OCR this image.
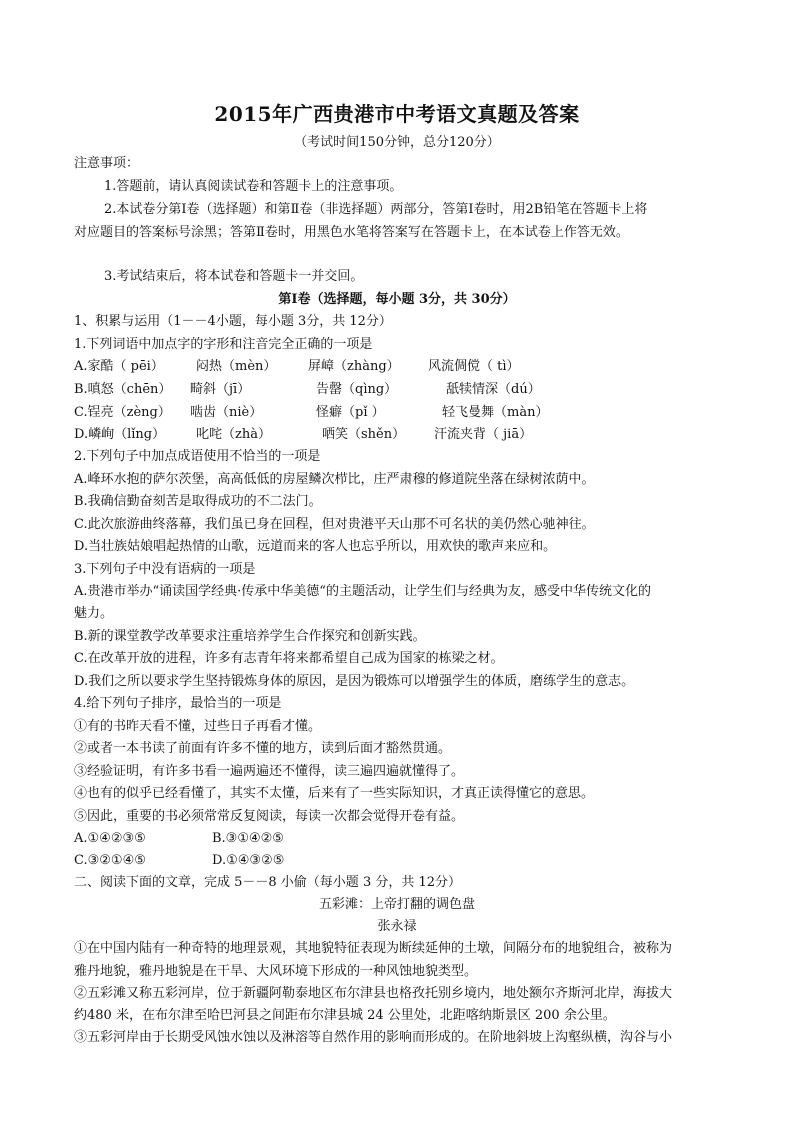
2015年广西贵港市中考语文真题及答案
（考试时间150分钟，总分120分）
注意事项：
1.答题前，请认真阅读试卷和答题卡上的注意事项。
2.本试卷分第Ⅰ卷（选择题）和第Ⅱ卷（非选择题）两部分，答第Ⅰ卷时，用2B铅笔在答题卡上将
对应题目的答案标号涂黑；答第Ⅱ卷时，用黑色水笔将答案写在答题卡上，在本试卷上作答无效。
3.考试结束后，将本试卷和答题卡一并交回。
第Ⅰ卷（选择题，每小题 3分，共 30分）
1、积累与运用（1－－4小题，每小题 3分，共 12分）
1.下列词语中加点字的字形和注音完全正确的一项是
A.家酷（ pēi） 闷热（mèn） 屏嶂（zhàng） 风流倜傥（ tì）
B.嗔怒（chēn） 畸斜（jī）	告罄（qìng）	舐犊情深（dú）
C.锃亮（zèng） 啮齿（niè）	怪癖（pǐ ）	轻飞曼舞（màn）
D.嶙峋（lǐnɡ） 叱咤（zhà）	哂笑（shěn） 汗流夹背（ jiā）
2.下列句子中加点成语使用不恰当的一项是
A.峰环水抱的萨尔茨堡，高高低低的房屋鳞次栉比，庄严肃穆的修道院坐落在绿树浓荫中。
B.我确信勤奋刻苦是取得成功的不二法门。
C.此次旅游曲终落幕，我们虽已身在回程，但对贵港平天山那不可名状的美仍然心驰神往。
D.当壮族姑娘唱起热情的山歌，远道而来的客人也忘乎所以，用欢快的歌声来应和。
3.下列句子中没有语病的一项是
A.贵港市举办“诵读国学经典·传承中华美德“的主题活动，让学生们与经典为友，感受中华传统文化的
魅力。
B.新的课堂教学改革要求注重培养学生合作探究和创新实践。
C.在改革开放的进程，许多有志青年将来都希望自己成为国家的栋梁之材。
D.我们之所以要求学生坚持锻炼身体的原因，是因为锻炼可以增强学生的体质，磨练学生的意志。
4.给下列句子排序，最恰当的一项是
①有的书昨天看不懂，过些日子再看才懂。
②或者一本书读了前面有许多不懂的地方，读到后面才豁然贯通。
③经验证明，有许多书看一遍两遍还不懂得，读三遍四遍就懂得了。
④也有的似乎已经看懂了，其实不太懂，后来有了一些实际知识，才真正读得懂它的意思。
⑤因此，重要的书必须常常反复阅读，每读一次都会觉得开卷有益。
A.①④②③⑤	B.③①④②⑤
C.③②①④⑤	D.①④③②⑤
二、阅读下面的文章，完成 5－－8 小偷（每小题 3 分，共 12分）
五彩滩：上帝打翻的调色盘
张永禄
①在中国内陆有一种奇特的地理景观，其地貌特征表现为断续延伸的土墩，间隔分布的地貌组合，被称为
雅丹地貌，雅丹地貌是在干旱、大风环境下形成的一种风蚀地貌类型。
②五彩滩又称五彩河岸，位于新疆阿勒泰地区布尔津县也格孜托别乡境内，地处额尔齐斯河北岸，海拔大
约480 米，在布尔津至哈巴河县之间距布尔津县城 24 公里处，北距喀纳斯景区 200 余公里。
③五彩河岸由于长期受风蚀水蚀以及淋溶等自然作用的影响而形成的。在阶地斜坡上沟壑纵横，沟谷与小
